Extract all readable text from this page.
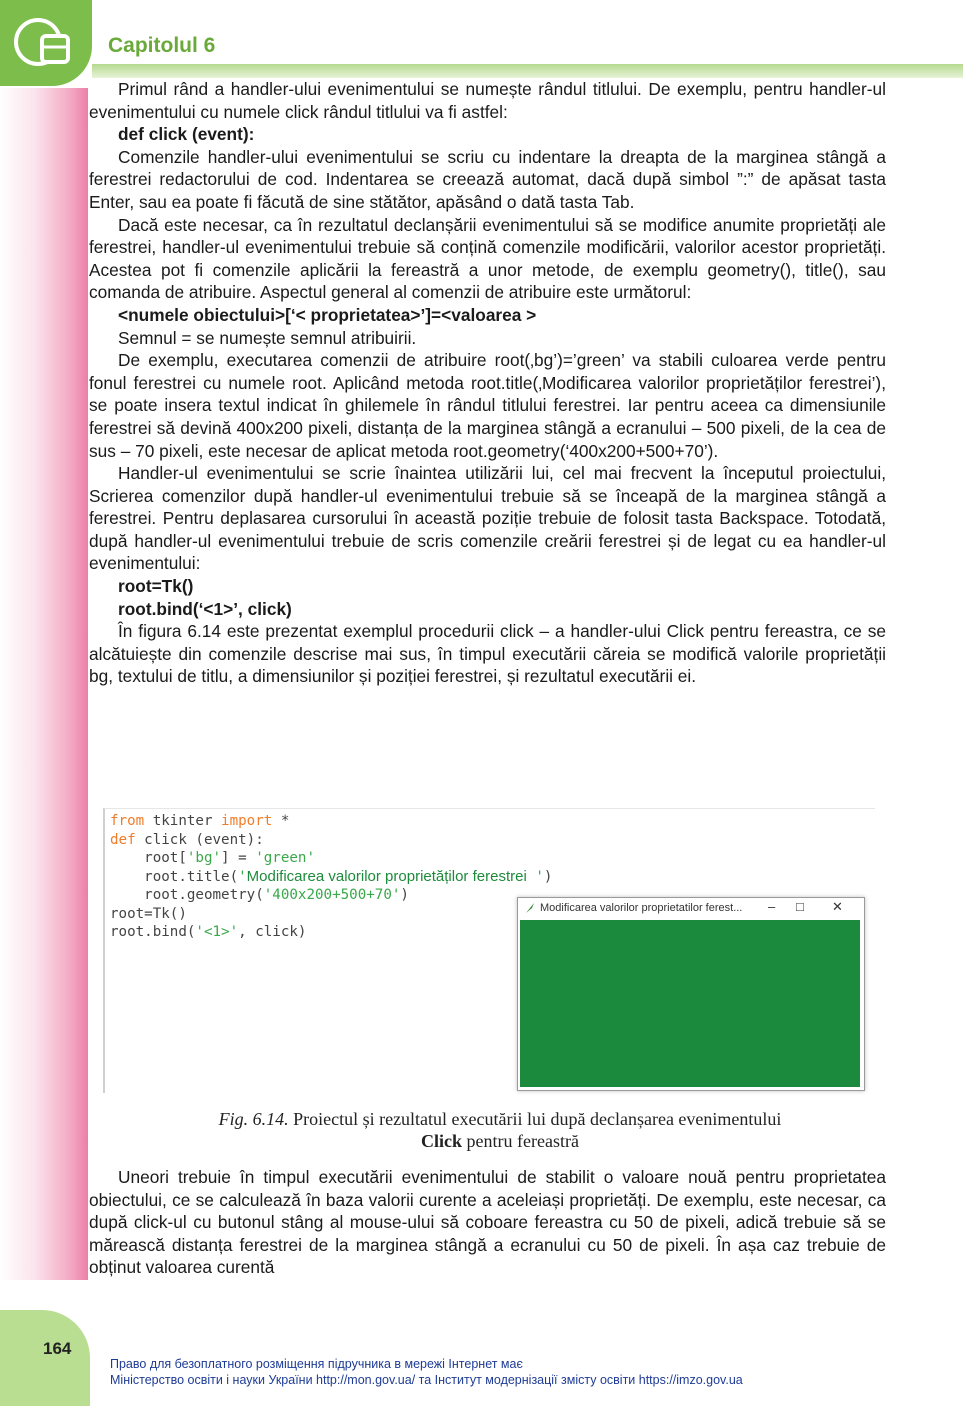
Capitolul 6

Primul rând a handler-ului evenimentului se numește rândul titlului. De exemplu, pentru handler-ul evenimentului cu numele click rândul titlului va fi astfel:

def click (event):

Comenzile handler-ului evenimentului se scriu cu indentare la dreapta de la marginea stângă a ferestrei redactorului de cod. Indentarea se creează automat, dacă după simbol ”:” de apăsat tasta Enter, sau ea poate fi făcută de sine stătător, apăsând o dată tasta Tab.

Dacă este necesar, ca în rezultatul declanșării evenimentului să se modifice anumite proprietăți ale ferestrei, handler-ul evenimentului trebuie să conțină comenzile modificării, valorilor acestor proprietăți. Acestea pot fi comenzile aplicării la fereastră a unor metode, de exemplu geometry(), title(), sau comanda de atribuire. Aspectul general al comenzii de atribuire este următorul:

<numele obiectului>[‘< proprietatea>’]=<valoarea >

Semnul = se numește semnul atribuirii.

De exemplu, executarea comenzii de atribuire root(‚bg’)=’green’ va stabili culoarea verde pentru fonul ferestrei cu numele root. Aplicând metoda root.title(‚Modificarea valorilor proprietăților ferestrei’), se poate insera textul indicat în ghilemele în rândul titlului ferestrei. Iar pentru aceea ca dimensiunile ferestrei să devină 400x200 pixeli, distanța de la marginea stângă a ecranului – 500 pixeli, de la cea de sus – 70 pixeli, este necesar de aplicat metoda root.geometry(‘400x200+500+70’).

Handler-ul evenimentului se scrie înaintea utilizării lui, cel mai frecvent la începutul proiectului, Scrierea comenzilor după handler-ul evenimentului trebuie să se înceapă de la marginea stângă a ferestrei. Pentru deplasarea cursorului în această poziție trebuie de folosit tasta Backspace. Totodată, după handler-ul evenimentului trebuie de scris comenzile creării ferestrei și de legat cu ea handler-ul evenimentului:

root=Tk()

root.bind(‘<1>’, click)

În figura 6.14 este prezentat exemplul procedurii click – a handler-ului Click pentru fereastra, ce se alcătuiește din comenzile descrise mai sus, în timpul executării căreia se modifică valorile proprietății bg, textului de titlu, a dimensiunilor și poziției ferestrei, și rezultatul executării ei.

from tkinter import *
def click (event):
root['bg'] = 'green'
root.title('Modificarea valorilor proprietăților ferestrei ')
root.geometry('400x200+500+70')
root=Tk()
root.bind('<1>', click)
Modificarea valorilor proprietatilor ferest... – □ ✕
Fig. 6.14. Proiectul și rezultatul executării lui după declanșarea evenimentului
Click pentru fereastră

Uneori trebuie în timpul executării evenimentului de stabilit o valoare nouă pentru proprietatea obiectului, ce se calculează în baza valorii curente a aceleiași proprietăți. De exemplu, este necesar, ca după click-ul cu butonul stâng al mouse-ului să coboare fereastra cu 50 de pixeli, adică trebuie să se mărească distanța ferestrei de la marginea stângă a ecranului cu 50 de pixeli. În așa caz trebuie de obținut valoarea curentă

164
Право для безоплатного розміщення підручника в мережі Інтернет має
Міністерство освіти і науки України http://mon.gov.ua/ та Інститут модернізації змісту освіти https://imzo.gov.ua
